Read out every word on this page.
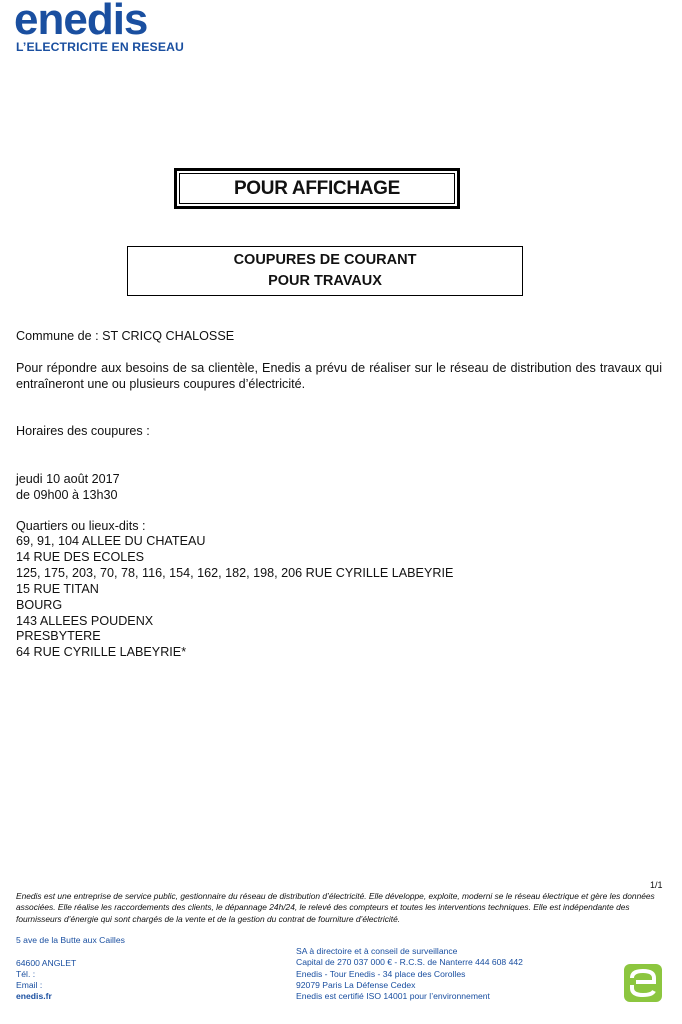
enedis
L’ELECTRICITE EN RESEAU
POUR AFFICHAGE
COUPURES DE COURANT
POUR TRAVAUX
Commune de : ST CRICQ CHALOSSE
Pour répondre aux besoins de sa clientèle, Enedis a prévu de réaliser sur le réseau de distribution des travaux qui entraîneront une ou plusieurs coupures d’électricité.
Horaires des coupures :
jeudi 10 août 2017
de 09h00 à 13h30
Quartiers ou lieux-dits :
69, 91, 104 ALLEE DU CHATEAU
14 RUE DES ECOLES
125, 175, 203, 70, 78, 116, 154, 162, 182, 198, 206 RUE CYRILLE LABEYRIE
15 RUE TITAN
BOURG
143 ALLEES POUDENX
PRESBYTERE
64 RUE CYRILLE LABEYRIE*
1/1
Enedis est une entreprise de service public, gestionnaire du réseau de distribution d’électricité. Elle développe, exploite, moderni se le réseau électrique et gère les données associées. Elle réalise les raccordements des clients, le dépannage 24h/24, le relevé des compteurs et toutes les interventions techniques. Elle est indépendante des fournisseurs d’énergie qui sont chargés de la vente et de la gestion du contrat de fourniture d’électricité.
5 ave de la Butte aux Cailles
64600 ANGLET
Tél. :
Email :
enedis.fr
SA à directoire et à conseil de surveillance
Capital de 270 037 000 € - R.C.S. de Nanterre 444 608 442
Enedis - Tour Enedis - 34 place des Corolles
92079 Paris La Défense Cedex
Enedis est certifié ISO 14001 pour l’environnement
